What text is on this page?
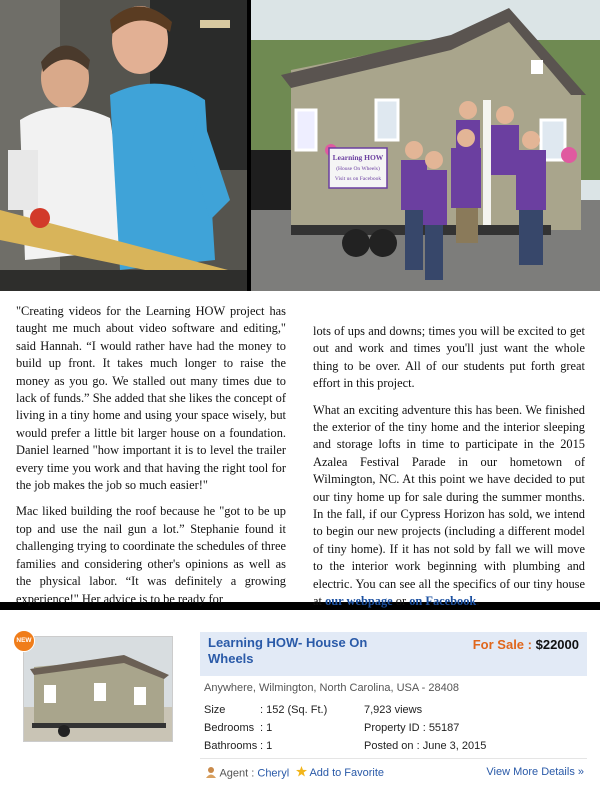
Learning HOW
(House On Wheels)
Visit us on Facebook

"Creating videos for the Learning HOW project has taught me much about video software and editing," said Hannah. “I would rather have had the money to build up front. It takes much longer to raise the money as you go. We stalled out many times due to lack of funds.” She added that she likes the concept of living in a tiny home and using your space wisely, but would prefer a little bit larger house on a foundation. Daniel learned "how important it is to level the trailer every time you work and that having the right tool for the job makes the job so much easier!"

Mac liked building the roof because he "got to be up top and use the nail gun a lot.” Stephanie found it challenging trying to coordinate the schedules of three families and considering other's opinions as well as the physical labor. “It was definitely a growing experience!" Her advice is to be ready for

lots of ups and downs; times you will be excited to get out and work and times you'll just want the whole thing to be over. All of our students put forth great effort in this project.

What an exciting adventure this has been. We finished the exterior of the tiny home and the interior sleeping and storage lofts in time to participate in the 2015 Azalea Festival Parade in our hometown of Wilmington, NC. At this point we have decided to put our tiny home up for sale during the summer months. In the fall, if our Cypress Horizon has sold, we intend to begin our new projects (including a different model of tiny home). If it has not sold by fall we will move to the interior work beginning with plumbing and electric. You can see all the specifics of our tiny house at our webpage or on Facebook.

NEW	Learning HOW- House On Wheels
For Sale : $22000
Anywhere, Wilmington, North Carolina, USA - 28408
Size	: 152 (Sq. Ft.)	7,923 views
Bedrooms : 1	Property ID : 55187
Bathrooms : 1	Posted on : June 3, 2015
Agent : Cheryl	Add to Favorite	View More Details »
